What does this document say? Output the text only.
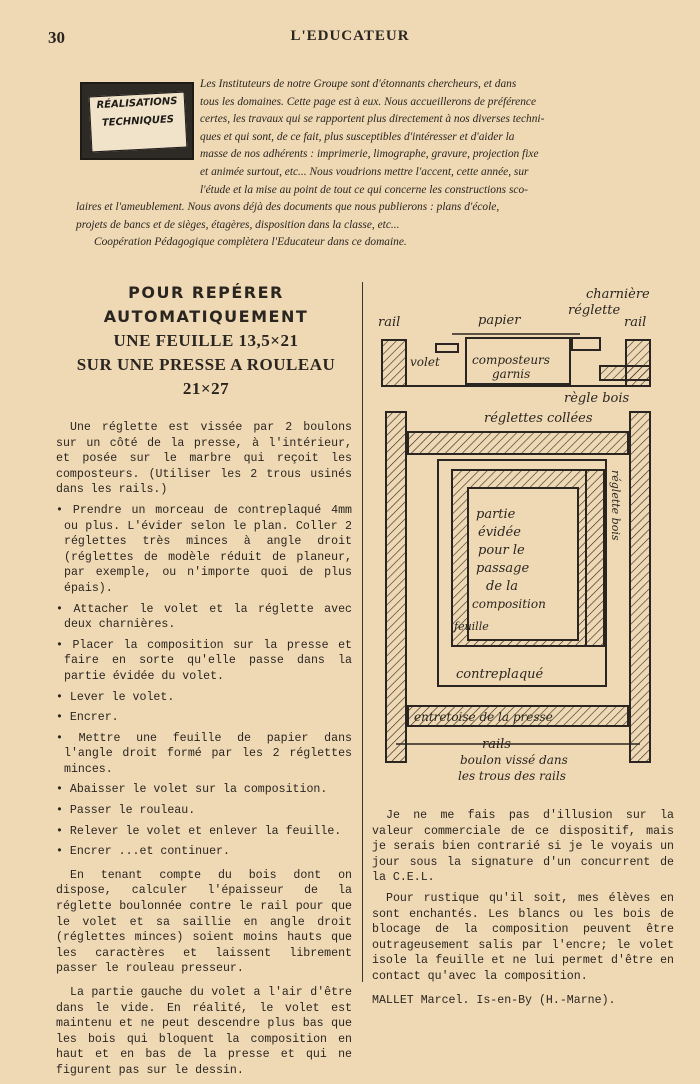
30	L'EDUCATEUR
RÉALISATIONS
TECHNIQUES

Les Instituteurs de notre Groupe sont d'étonnants chercheurs, et dans

tous les domaines. Cette page est à eux. Nous accueillerons de préférence

certes, les travaux qui se rapportent plus directement à nos diverses techni-

ques et qui sont, de ce fait, plus susceptibles d'intéresser et d'aider la

masse de nos adhérents : imprimerie, limographe, gravure, projection fixe

et animée surtout, etc... Nous voudrions mettre l'accent, cette année, sur

l'étude et la mise au point de tout ce qui concerne les constructions sco-

laires et l'ameublement. Nous avons déjà des documents que nous publierons : plans d'école,

projets de bancs et de sièges, étagères, disposition dans la classe, etc...

Coopération Pédagogique complètera l'Educateur dans ce domaine.

POUR REPÉRER
AUTOMATIQUEMENT
UNE FEUILLE 13,5×21
SUR UNE PRESSE A ROULEAU
21×27

Une réglette est vissée par 2 boulons sur un côté de la presse, à l'intérieur, et posée sur le marbre qui reçoit les composteurs. (Utiliser les 2 trous usinés dans les rails.)

• Prendre un morceau de contreplaqué 4mm ou plus. L'évider selon le plan. Coller 2 réglettes très minces à angle droit (réglettes de modèle réduit de planeur, par exemple, ou n'importe quoi de plus épais).

• Attacher le volet et la réglette avec deux charnières.

• Placer la composition sur la presse et faire en sorte qu'elle passe dans la partie évidée du volet.

• Lever le volet.

• Encrer.

• Mettre une feuille de papier dans l'angle droit formé par les 2 réglettes minces.

• Abaisser le volet sur la composition.

• Passer le rouleau.

• Relever le volet et enlever la feuille.

• Encrer ...et continuer.

En tenant compte du bois dont on dispose, calculer l'épaisseur de la réglette boulonnée contre le rail pour que le volet et sa saillie en angle droit (réglettes minces) soient moins hauts que les caractères et laissent librement passer le rouleau presseur.

La partie gauche du volet a l'air d'être dans le vide. En réalité, le volet est maintenu et ne peut descendre plus bas que les bois qui bloquent la composition en haut et en bas de la presse et qui ne figurent pas sur le dessin.

rail	papier
charnière
réglette
rail
volet	composteurs
garnis
règle bois
réglettes collées
partie
évidée
pour le
passage
de la
composition
feuille
contreplaqué
entretoise de la presse
rails
boulon vissé dans
les trous des rails
réglette bois

Je ne me fais pas d'illusion sur la valeur commerciale de ce dispositif, mais je serais bien contrarié si je le voyais un jour sous la signature d'un concurrent de la C.E.L.

Pour rustique qu'il soit, mes élèves en sont enchantés. Les blancs ou les bois de blocage de la composition peuvent être outrageusement salis par l'encre; le volet isole la feuille et ne lui permet d'être en contact qu'avec la composition.

MALLET Marcel. Is-en-By (H.-Marne).
